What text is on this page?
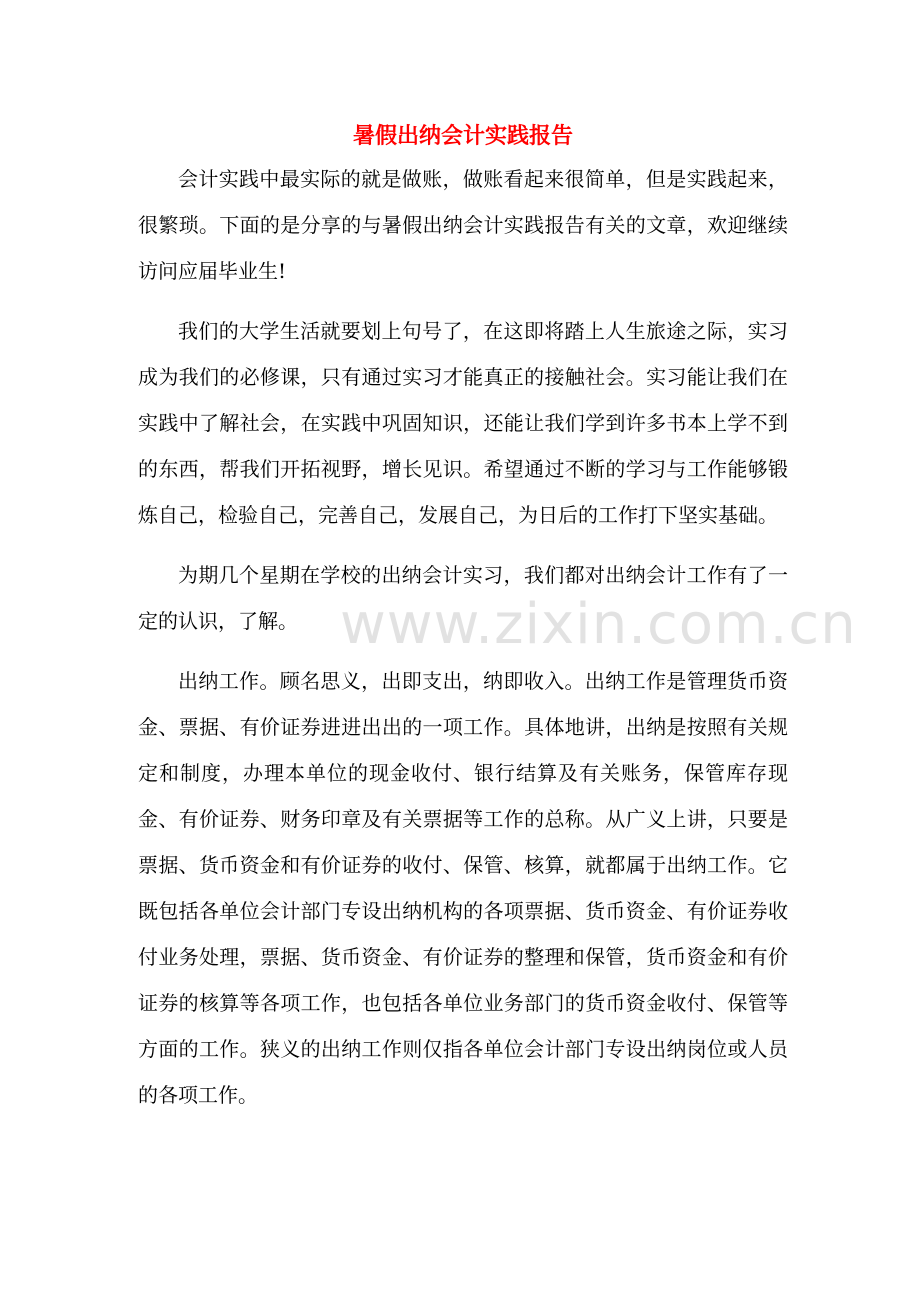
www.zixin.com.cn
暑假出纳会计实践报告

会计实践中最实际的就是做账，做账看起来很简单，但是实践起来，很繁琐。下面的是分享的与暑假出纳会计实践报告有关的文章，欢迎继续访问应届毕业生!

我们的大学生活就要划上句号了，在这即将踏上人生旅途之际，实习成为我们的必修课，只有通过实习才能真正的接触社会。实习能让我们在实践中了解社会，在实践中巩固知识，还能让我们学到许多书本上学不到的东西，帮我们开拓视野，增长见识。希望通过不断的学习与工作能够锻炼自己，检验自己，完善自己，发展自己，为日后的工作打下坚实基础。

为期几个星期在学校的出纳会计实习，我们都对出纳会计工作有了一定的认识，了解。

出纳工作。顾名思义，出即支出，纳即收入。出纳工作是管理货币资金、票据、有价证券进进出出的一项工作。具体地讲，出纳是按照有关规定和制度，办理本单位的现金收付、银行结算及有关账务，保管库存现金、有价证券、财务印章及有关票据等工作的总称。从广义上讲，只要是票据、货币资金和有价证券的收付、保管、核算，就都属于出纳工作。它既包括各单位会计部门专设出纳机构的各项票据、货币资金、有价证券收付业务处理，票据、货币资金、有价证券的整理和保管，货币资金和有价证券的核算等各项工作，也包括各单位业务部门的货币资金收付、保管等方面的工作。狭义的出纳工作则仅指各单位会计部门专设出纳岗位或人员的各项工作。
